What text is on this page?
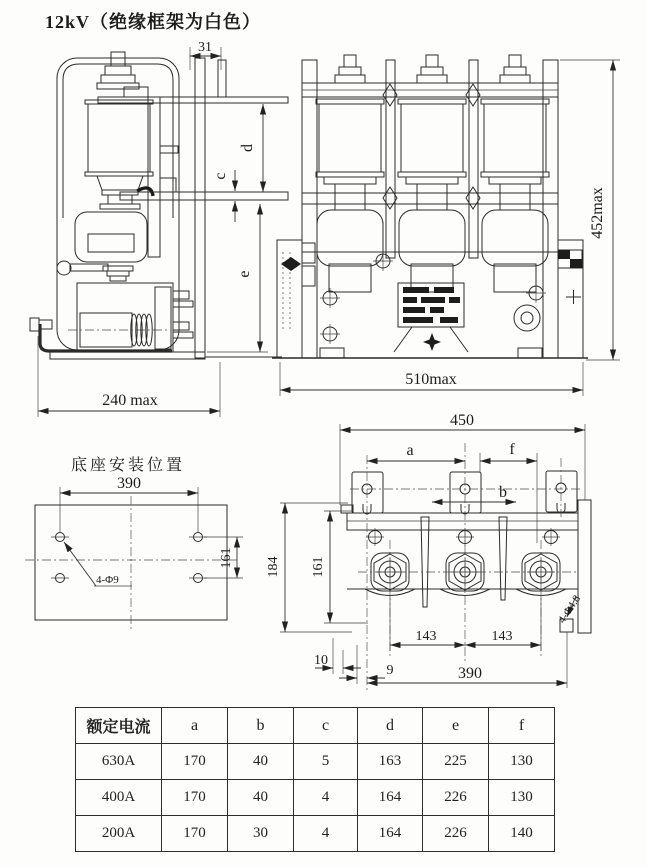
12kV（绝缘框架为白色）
31
d
c
e
240 max
452max
510max
底座安装位置
390
161
4-Φ9
450
a	f
b
184 161
143	143
10
9	390
4-Φ4.8
额定电流	a	b	c	d	e	f
630A	170	40	5	163	225	130
400A	170	40	4	164	226	130
200A	170	30	4	164	226	140
